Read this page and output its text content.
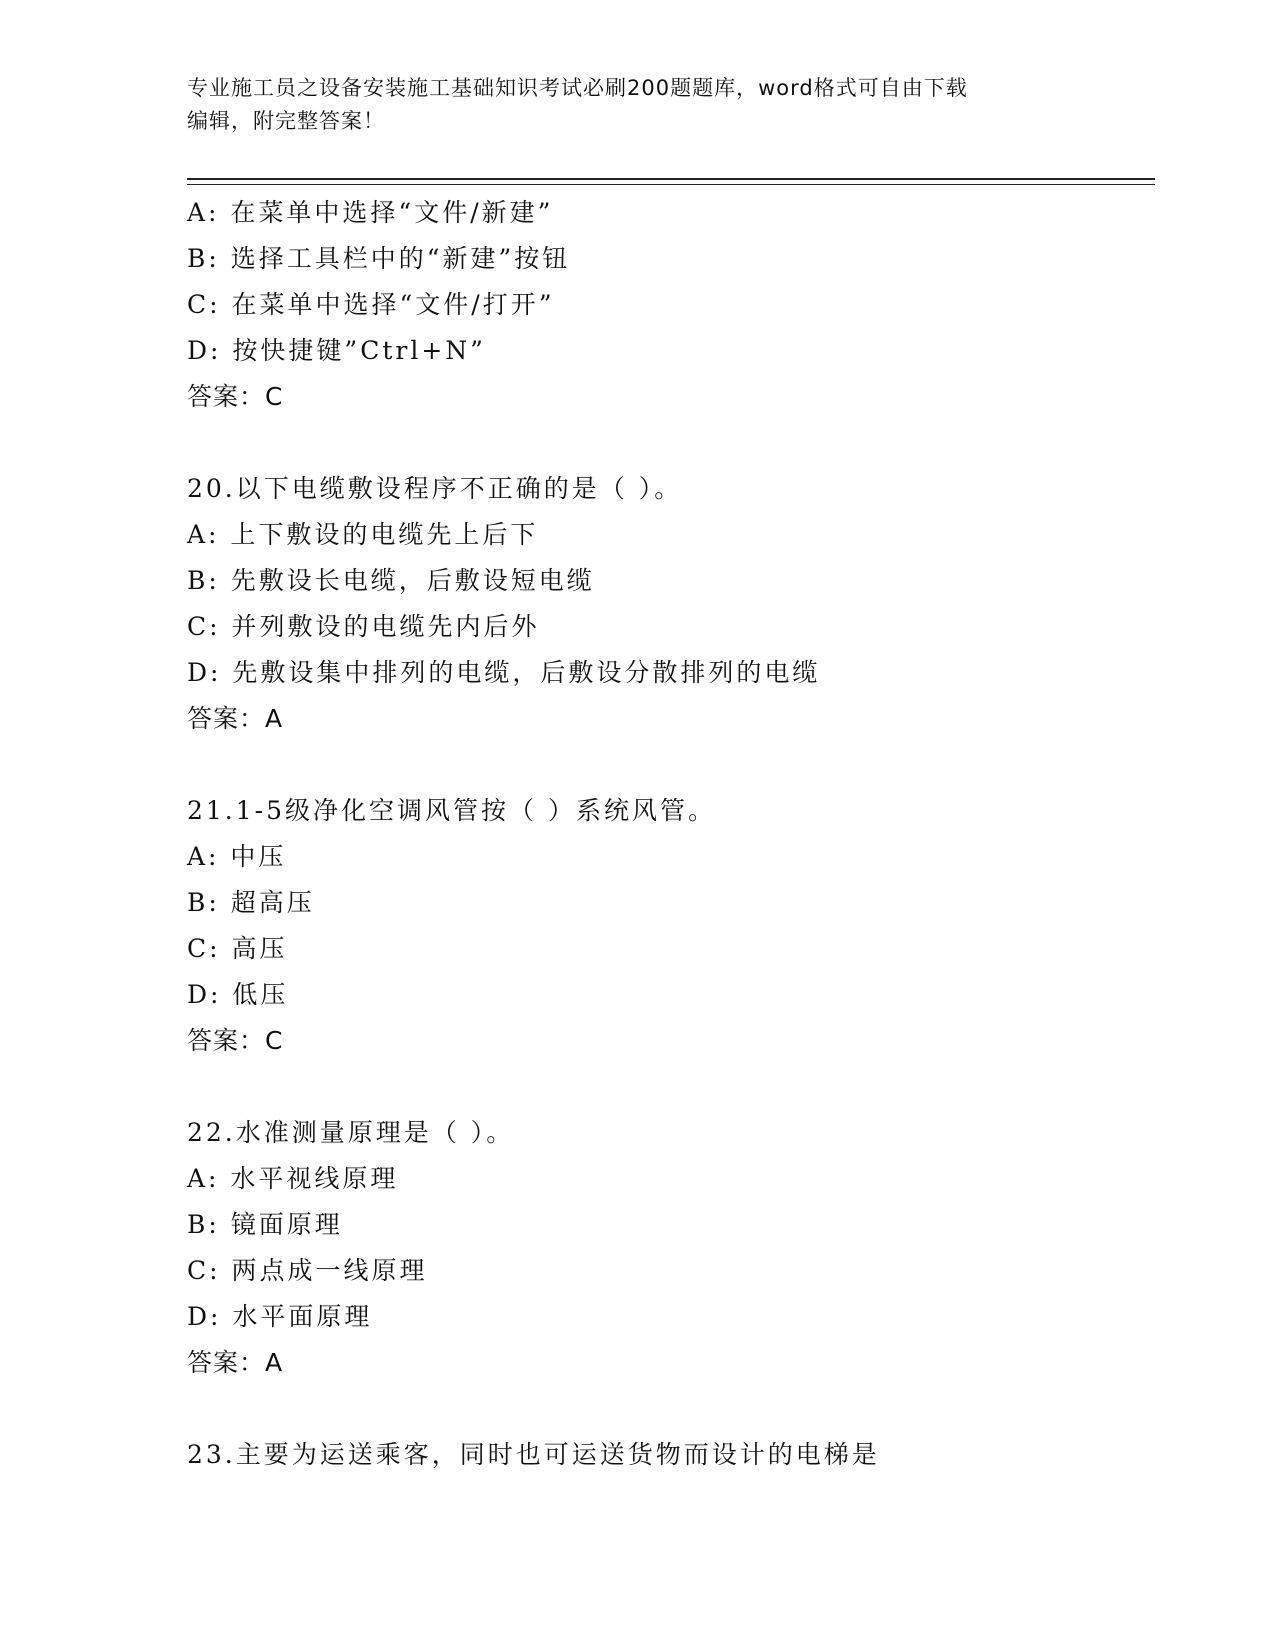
专业施工员之设备安装施工基础知识考试必刷200题题库，word格式可自由下载
编辑，附完整答案！
A: 在菜单中选择“文件/新建”
B: 选择工具栏中的“新建”按钮
C: 在菜单中选择“文件/打开”
D: 按快捷键”Ctrl+N”
答案：C
20.以下电缆敷设程序不正确的是（ ）。
A: 上下敷设的电缆先上后下
B: 先敷设长电缆，后敷设短电缆
C: 并列敷设的电缆先内后外
D: 先敷设集中排列的电缆，后敷设分散排列的电缆
答案：A
21.1-5级净化空调风管按（ ）系统风管。
A: 中压
B: 超高压
C: 高压
D: 低压
答案：C
22.水准测量原理是（ ）。
A: 水平视线原理
B: 镜面原理
C: 两点成一线原理
D: 水平面原理
答案：A
23.主要为运送乘客，同时也可运送货物而设计的电梯是
